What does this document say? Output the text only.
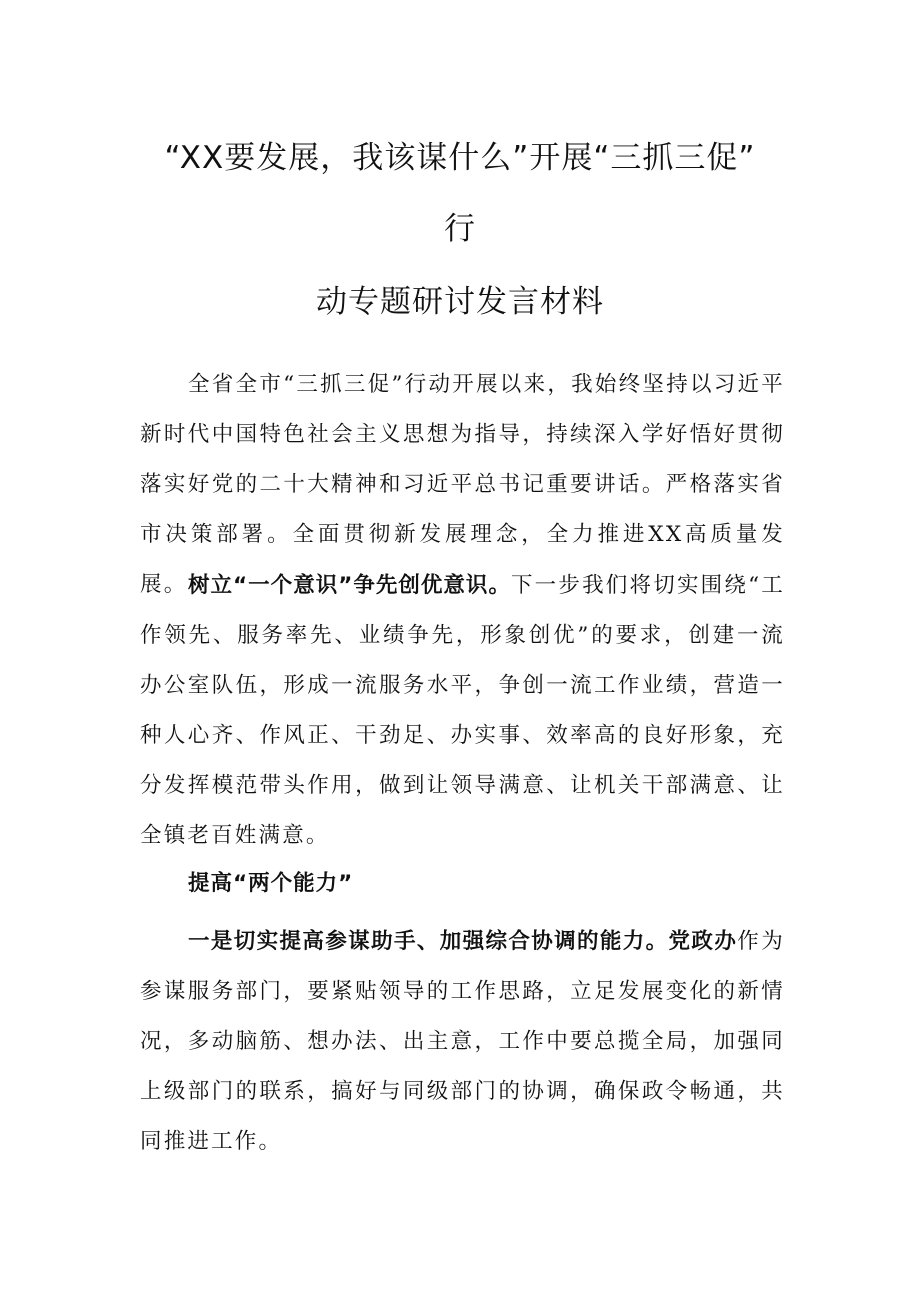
“XX要发展，我该谋什么”开展“三抓三促”
行
动专题研讨发言材料

全省全市“三抓三促”行动开展以来，我始终坚持以习近平新时代中国特色社会主义思想为指导，持续深入学好悟好贯彻落实好党的二十大精神和习近平总书记重要讲话。严格落实省市决策部署。全面贯彻新发展理念，全力推进XX高质量发展。 树立“一个意识”争先创优意识。下一步我们将切实围绕“工作领先、服务率先、业绩争先，形象创优”的要求，创建一流办公室队伍，形成一流服务水平，争创一流工作业绩，营造一种人心齐、作风正、干劲足、办实事、效率高的良好形象，充分发挥模范带头作用，做到让领导满意、让机关干部满意、让全镇老百姓满意。

提高“两个能力”

一是切实提高参谋助手、加强综合协调的能力。党政办作为参谋服务部门，要紧贴领导的工作思路，立足发展变化的新情况，多动脑筋、想办法、出主意，工作中要总揽全局，加强同上级部门的联系，搞好与同级部门的协调，确保政令畅通，共同推进工作。
